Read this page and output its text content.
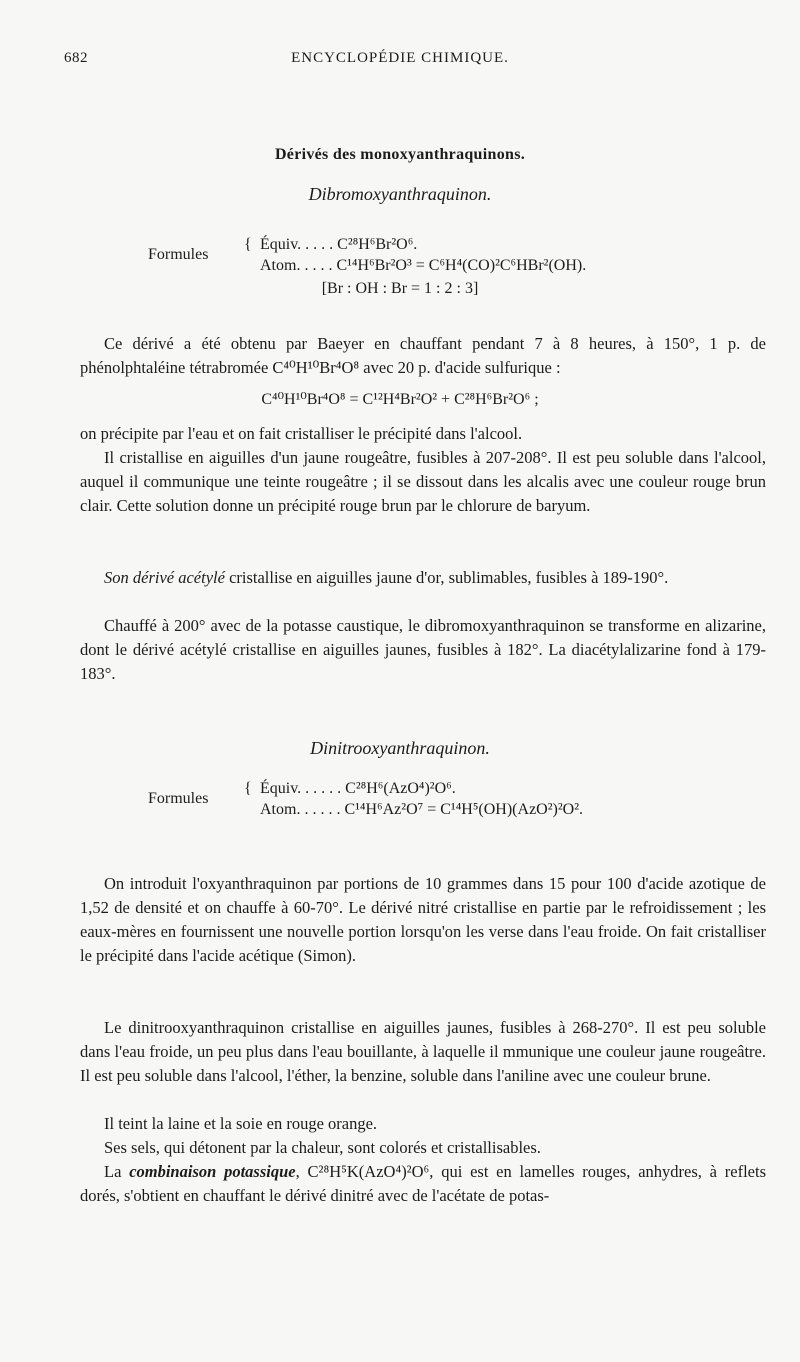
682	ENCYCLOPÉDIE CHIMIQUE.
Dérivés des monoxyanthraquinons.
Dibromoxyanthraquinon.
Formules
{ Équiv. . . . . C²⁸H⁶Br²O⁶.
Atom. . . . . C¹⁴H⁶Br²O³ = C⁶H⁴(CO)²C⁶HBr²(OH).
[Br : OH : Br = 1 : 2 : 3]
Ce dérivé a été obtenu par Baeyer en chauffant pendant 7 à 8 heures, à 150°, 1 p. de phénolphtaléine tétrabromée C⁴⁰H¹⁰Br⁴O⁸ avec 20 p. d'acide sulfurique :
C⁴⁰H¹⁰Br⁴O⁸ = C¹²H⁴Br²O² + C²⁸H⁶Br²O⁶ ;
on précipite par l'eau et on fait cristalliser le précipité dans l'alcool.
Il cristallise en aiguilles d'un jaune rougeâtre, fusibles à 207-208°. Il est peu soluble dans l'alcool, auquel il communique une teinte rougeâtre ; il se dissout dans les alcalis avec une couleur rouge brun clair. Cette solution donne un précipité rouge brun par le chlorure de baryum.
Son dérivé acétylé cristallise en aiguilles jaune d'or, sublimables, fusibles à 189-190°.
Chauffé à 200° avec de la potasse caustique, le dibromoxyanthraquinon se transforme en alizarine, dont le dérivé acétylé cristallise en aiguilles jaunes, fusibles à 182°. La diacétylalizarine fond à 179-183°.
Dinitrooxyanthraquinon.
Formules
{ Équiv. . . . . . C²⁸H⁶(AzO⁴)²O⁶.
Atom. . . . . . C¹⁴H⁶Az²O⁷ = C¹⁴H⁵(OH)(AzO²)²O².
On introduit l'oxyanthraquinon par portions de 10 grammes dans 15 pour 100 d'acide azotique de 1,52 de densité et on chauffe à 60-70°. Le dérivé nitré cristallise en partie par le refroidissement ; les eaux-mères en fournissent une nouvelle portion lorsqu'on les verse dans l'eau froide. On fait cristalliser le précipité dans l'acide acétique (Simon).
Le dinitrooxyanthraquinon cristallise en aiguilles jaunes, fusibles à 268-270°. Il est peu soluble dans l'eau froide, un peu plus dans l'eau bouillante, à laquelle il mmunique une couleur jaune rougeâtre. Il est peu soluble dans l'alcool, l'éther, la benzine, soluble dans l'aniline avec une couleur brune.
Il teint la laine et la soie en rouge orange.
Ses sels, qui détonent par la chaleur, sont colorés et cristallisables.
La combinaison potassique, C²⁸H⁵K(AzO⁴)²O⁶, qui est en lamelles rouges, anhydres, à reflets dorés, s'obtient en chauffant le dérivé dinitré avec de l'acétate de potas-
